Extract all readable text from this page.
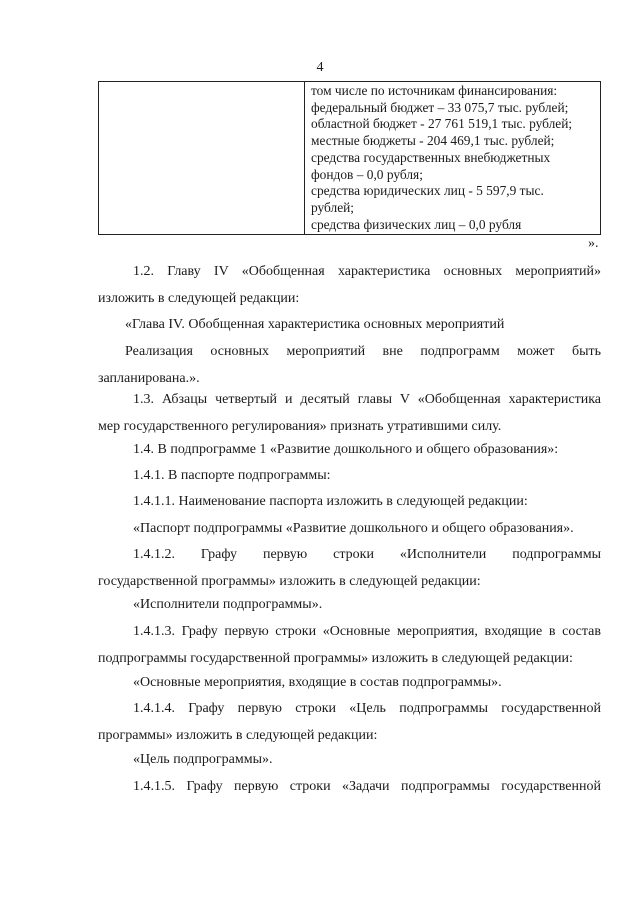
4
том числе по источникам финансирования:
федеральный бюджет – 33 075,7 тыс. рублей;
областной бюджет - 27 761 519,1 тыс. рублей;
местные бюджеты - 204 469,1 тыс. рублей;
средства государственных внебюджетных
фондов – 0,0 рубля;
средства юридических лиц - 5 597,9 тыс.
рублей;
средства физических лиц – 0,0 рубля
».
1.2. Главу IV «Обобщенная характеристика основных мероприятий»
изложить в следующей редакции:
«Глава IV. Обобщенная характеристика основных мероприятий
Реализация основных мероприятий вне подпрограмм может быть
запланирована.».
1.3. Абзацы четвертый и десятый главы V «Обобщенная характеристика
мер государственного регулирования» признать утратившими силу.
1.4. В подпрограмме 1 «Развитие дошкольного и общего образования»:
1.4.1. В паспорте подпрограммы:
1.4.1.1. Наименование паспорта изложить в следующей редакции:
«Паспорт подпрограммы «Развитие дошкольного и общего образования».
1.4.1.2. Графу первую строки «Исполнители подпрограммы
государственной программы» изложить в следующей редакции:
«Исполнители подпрограммы».
1.4.1.3. Графу первую строки «Основные мероприятия, входящие в состав
подпрограммы государственной программы» изложить в следующей редакции:
«Основные мероприятия, входящие в состав подпрограммы».
1.4.1.4. Графу первую строки «Цель подпрограммы государственной
программы» изложить в следующей редакции:
«Цель подпрограммы».
1.4.1.5. Графу первую строки «Задачи подпрограммы государственной
